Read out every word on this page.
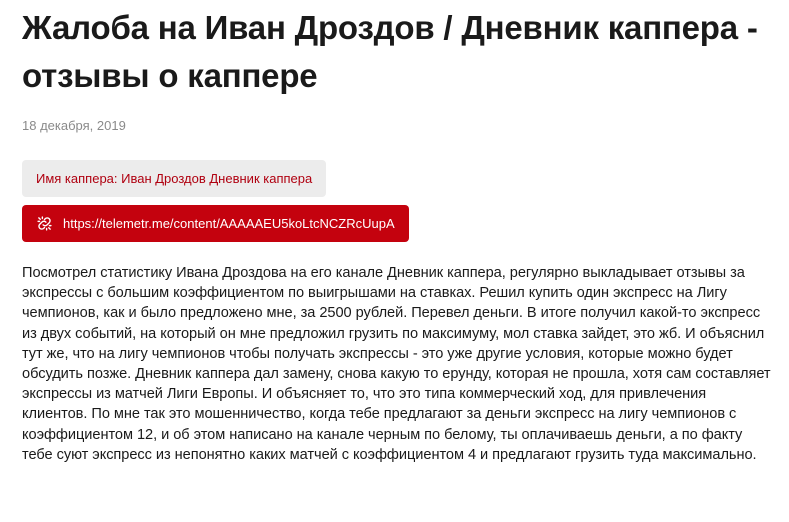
Жалоба на Иван Дроздов / Дневник каппера - отзывы о каппере
18 декабря, 2019
Имя каппера: Иван Дроздов Дневник каппера
https://telemetr.me/content/AAAAAEU5koLtcNCZRcUupA

Посмотрел статистику Ивана Дроздова на его канале Дневник каппера, регулярно выкладывает отзывы за экспрессы с большим коэффициентом по выигрышами на ставках. Решил купить один экспресс на Лигу чемпионов, как и было предложено мне, за 2500 рублей. Перевел деньги. В итоге получил какой-то экспресс из двух событий, на который он мне предложил грузить по максимуму, мол ставка зайдет, это жб. И объяснил тут же, что на лигу чемпионов чтобы получать экспрессы - это уже другие условия, которые можно будет обсудить позже. Дневник каппера дал замену, снова какую то ерунду, которая не прошла, хотя сам составляет экспрессы из матчей Лиги Европы. И объясняет то, что это типа коммерческий ход, для привлечения клиентов. По мне так это мошенничество, когда тебе предлагают за деньги экспресс на лигу чемпионов с коэффициентом 12, и об этом написано на канале черным по белому, ты оплачиваешь деньги, а по факту тебе суют экспресс из непонятно каких матчей с коэффициентом 4 и предлагают грузить туда максимально.
